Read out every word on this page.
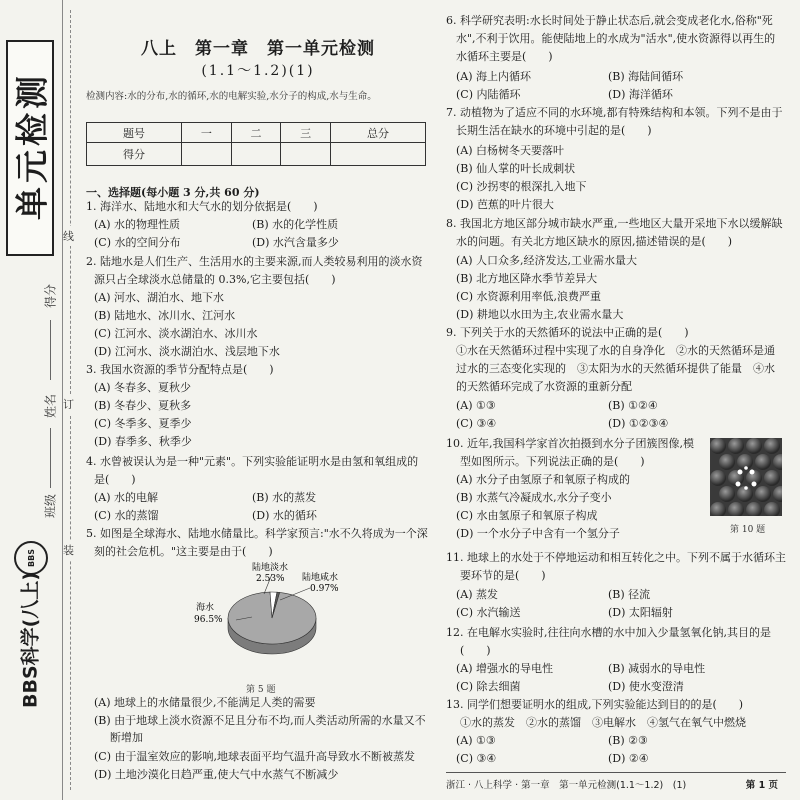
单元检测
得分
姓名
班级
BBS
BBS科学(八上)
线
订
装
八上　第一章　第一单元检测
(1.1～1.2)(1)
检测内容:水的分布,水的循环,水的电解实验,水分子的构成,水与生命。
题号	一	二	三	总分
得分				
一、选择题(每小题 3 分,共 60 分)
1. 海洋水、陆地水和大气水的划分依据是(　　)
(A) 水的物理性质	(B) 水的化学性质
(C) 水的空间分布	(D) 水汽含量多少
2. 陆地水是人们生产、生活用水的主要来源,而人类较易利用的淡水资
源只占全球淡水总储量的 0.3%,它主要包括(　　)
(A) 河水、湖泊水、地下水
(B) 陆地水、冰川水、江河水
(C) 江河水、淡水湖泊水、冰川水
(D) 江河水、淡水湖泊水、浅层地下水
3. 我国水资源的季节分配特点是(　　)
(A) 冬春多、夏秋少
(B) 冬春少、夏秋多
(C) 冬季多、夏季少
(D) 春季多、秋季少
4. 水曾被误认为是一种"元素"。下列实验能证明水是由氢和氧组成的
是(　　)
(A) 水的电解	(B) 水的蒸发
(C) 水的蒸馏	(D) 水的循环
5. 如图是全球海水、陆地水储量比。科学家预言:"水不久将成为一个深
刻的社会危机。"这主要是由于(　　)
陆地淡水
2.53% 陆地咸水
0.97%
海水
96.5%
第 5 题
(A) 地球上的水储量很少,不能满足人类的需要
(B) 由于地球上淡水资源不足且分布不均,而人类活动所需的水量又不
断增加
(C) 由于温室效应的影响,地球表面平均气温升高导致水不断被蒸发
(D) 土地沙漠化日趋严重,使大气中水蒸气不断减少
6. 科学研究表明:水长时间处于静止状态后,就会变成老化水,俗称"死
水",不利于饮用。能使陆地上的水成为"活水",使水资源得以再生的
水循环主要是(　　)
(A) 海上内循环	(B) 海陆间循环
(C) 内陆循环	(D) 海洋循环
7. 动植物为了适应不同的水环境,都有特殊结构和本领。下列不是由于
长期生活在缺水的环境中引起的是(　　)
(A) 白杨树冬天要落叶
(B) 仙人掌的叶长成刺状
(C) 沙拐枣的根深扎入地下
(D) 芭蕉的叶片很大
8. 我国北方地区部分城市缺水严重,一些地区大量开采地下水以缓解缺
水的问题。有关北方地区缺水的原因,描述错误的是(　　)
(A) 人口众多,经济发达,工业需水量大
(B) 北方地区降水季节差异大
(C) 水资源利用率低,浪费严重
(D) 耕地以水田为主,农业需水量大
9. 下列关于水的天然循环的说法中正确的是(　　)
①水在天然循环过程中实现了水的自身净化　②水的天然循环是通
过水的三态变化实现的　③太阳为水的天然循环提供了能量　④水
的天然循环完成了水资源的重新分配
(A) ①③	(B) ①②④
(C) ③④	(D) ①②③④
10. 近年,我国科学家首次拍摄到水分子团簇图像,模
型如图所示。下列说法正确的是(　　)
(A) 水分子由氢原子和氧原子构成的
(B) 水蒸气冷凝成水,水分子变小
(C) 水由氢原子和氧原子构成
(D) 一个水分子中含有一个氢分子	第 10 题
11. 地球上的水处于不停地运动和相互转化之中。下列不属于水循环主
要环节的是(　　)
(A) 蒸发	(B) 径流
(C) 水汽输送	(D) 太阳辐射
12. 在电解水实验时,往往向水槽的水中加入少量氢氧化钠,其目的是
(　　)
(A) 增强水的导电性	(B) 减弱水的导电性
(C) 除去细菌	(D) 使水变澄清
13. 同学们想要证明水的组成,下列实验能达到目的的是(　　)
①水的蒸发　②水的蒸馏　③电解水　④氢气在氧气中燃烧
(A) ①③	(B) ②③
(C) ③④	(D) ②④
浙江 · 八上科学 · 第一章　第一单元检测(1.1～1.2)　(1)	第 1 页
